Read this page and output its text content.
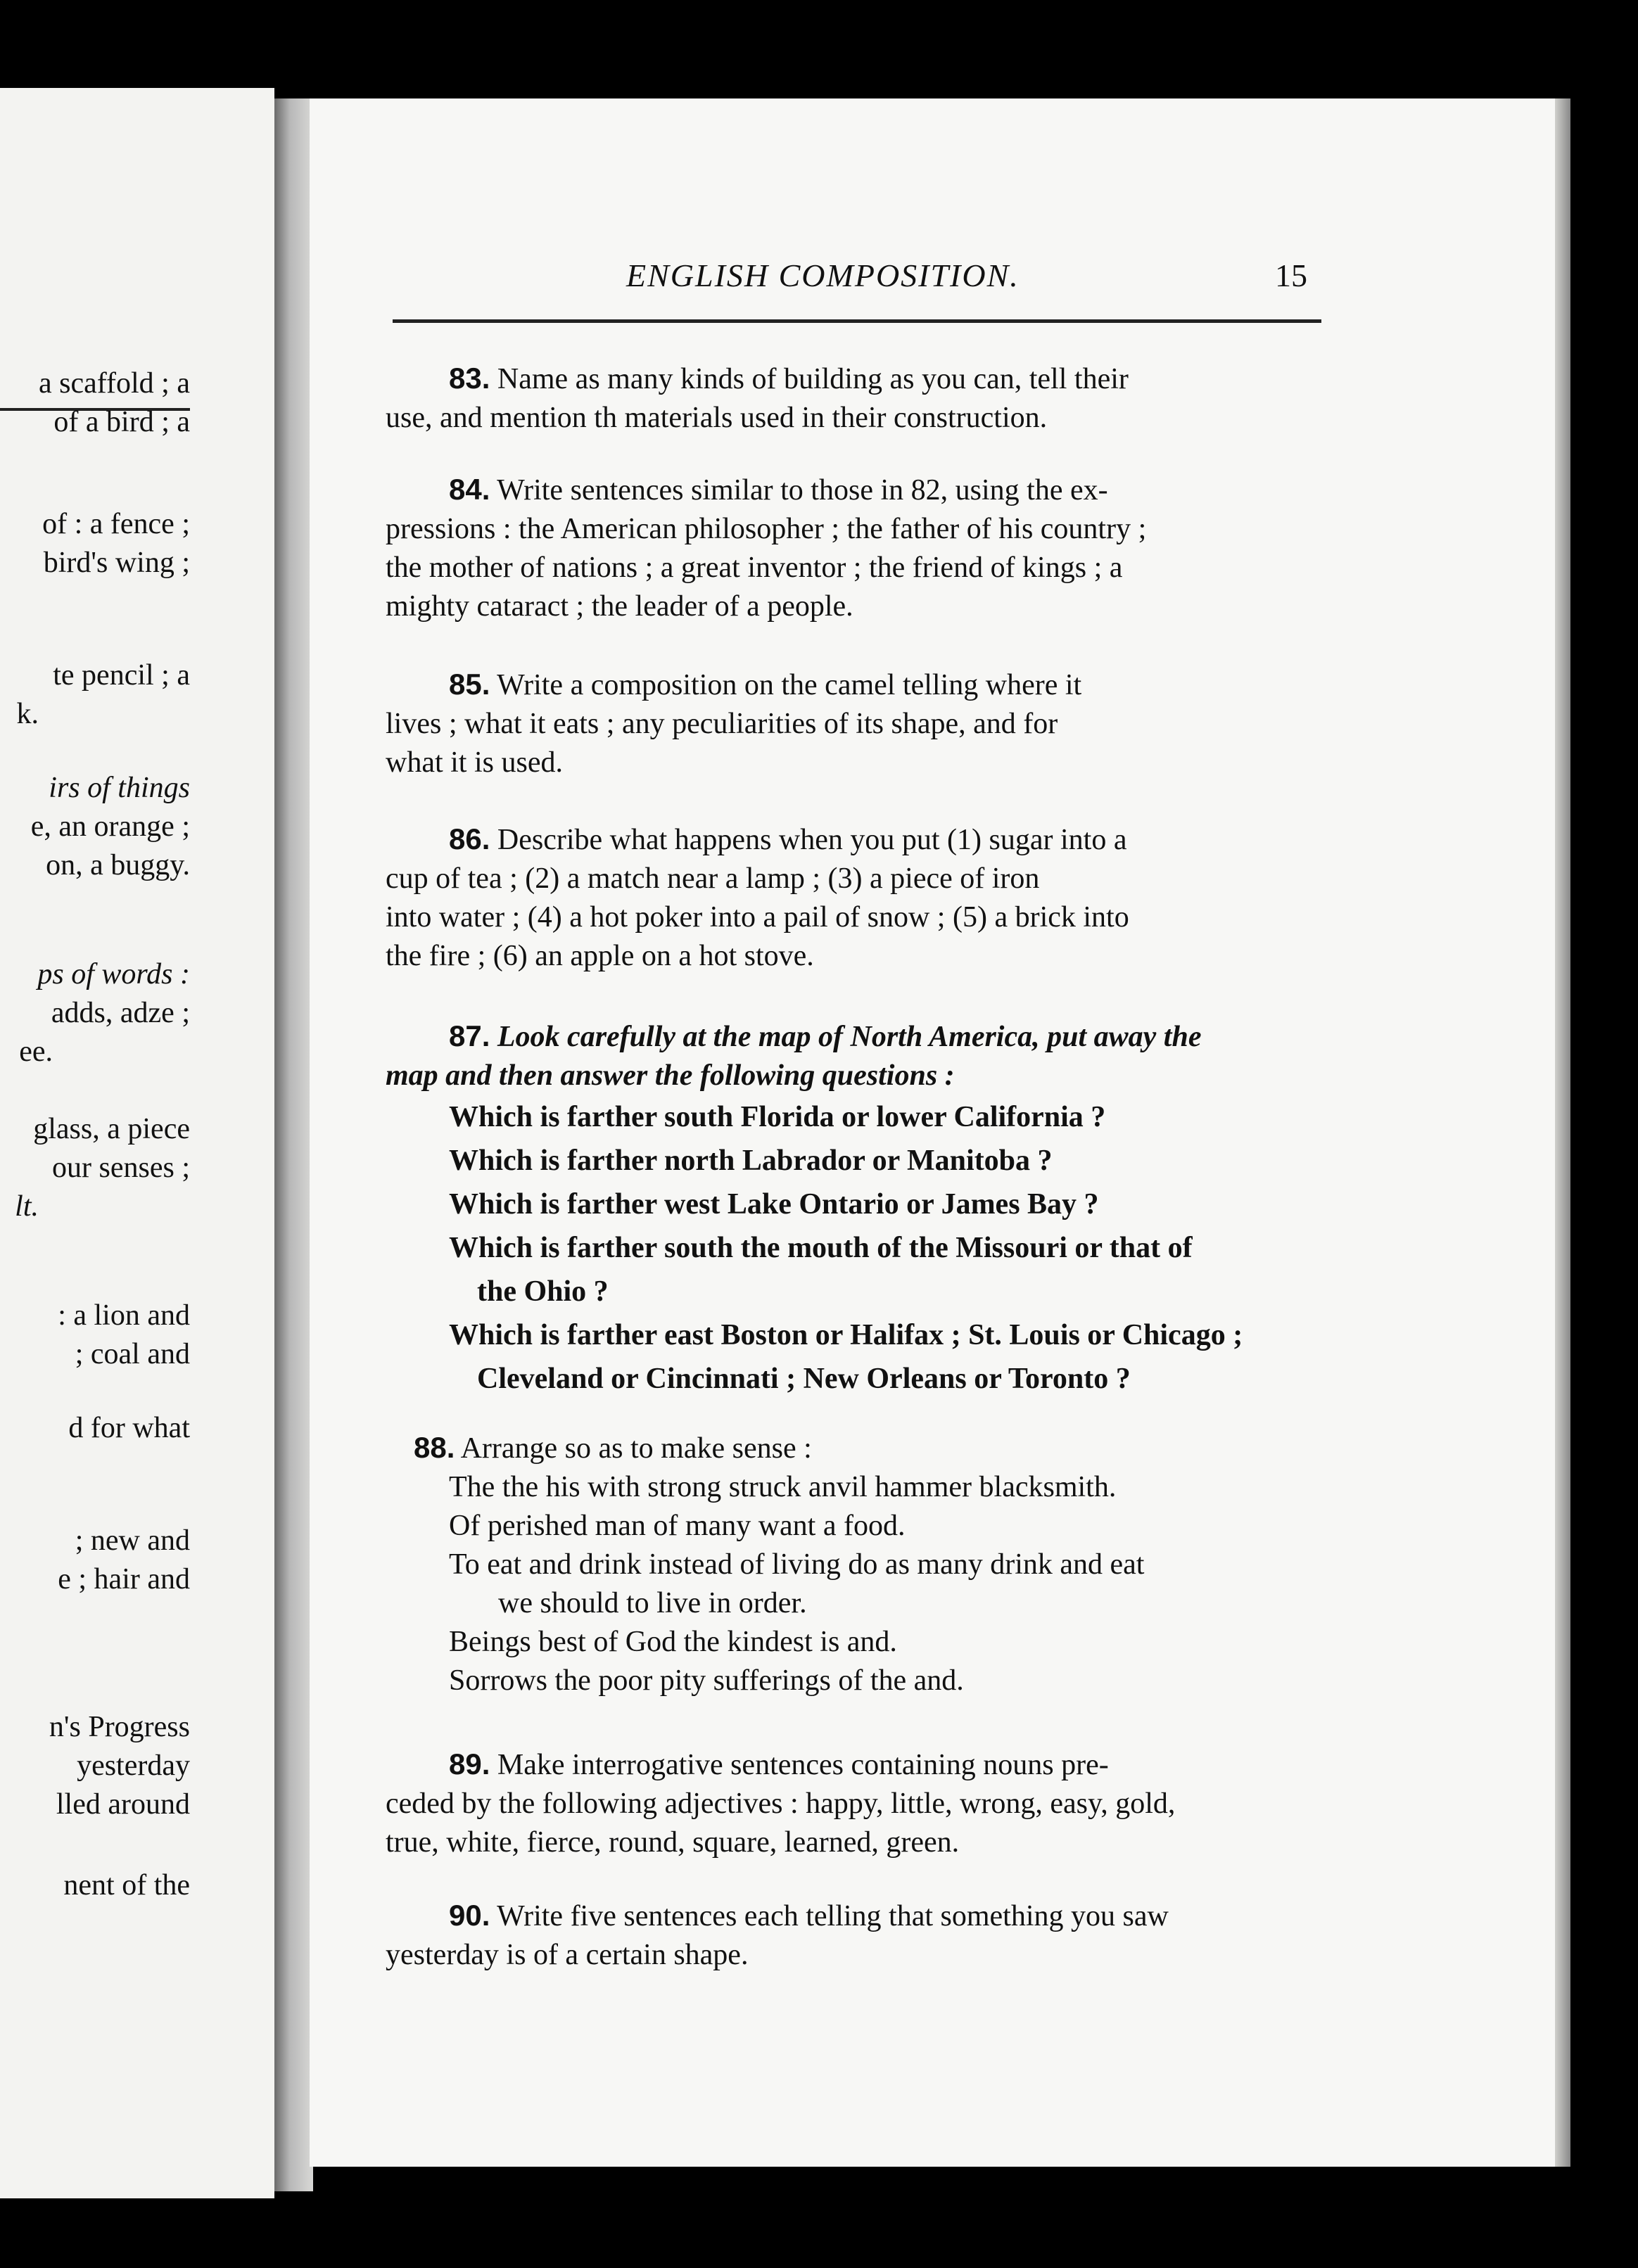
a scaffold ; a
of a bird ; a
of : a fence ;
bird's wing ;
te pencil ; a
k.
irs of things
e, an orange ;
on, a buggy.
ps of words :
adds, adze ;
ee.
glass, a piece
our senses ;
lt.
: a lion and
; coal and
d for what
; new and
e ; hair and
n's Progress
yesterday
lled around
nent of the
ENGLISH COMPOSITION.	15
83. Name as many kinds of building as you can, tell their
use, and mention th materials used in their construction.
84. Write sentences similar to those in 82, using the ex-
pressions : the American philosopher ; the father of his country ;
the mother of nations ; a great inventor ; the friend of kings ; a
mighty cataract ; the leader of a people.
85. Write a composition on the camel telling where it
lives ; what it eats ; any peculiarities of its shape, and for
what it is used.
86. Describe what happens when you put (1) sugar into a
cup of tea ; (2) a match near a lamp ; (3) a piece of iron
into water ; (4) a hot poker into a pail of snow ; (5) a brick into
the fire ; (6) an apple on a hot stove.
87. Look carefully at the map of North America, put away the
map and then answer the following questions :
Which is farther south Florida or lower California ?
Which is farther north Labrador or Manitoba ?
Which is farther west Lake Ontario or James Bay ?
Which is farther south the mouth of the Missouri or that of
the Ohio ?
Which is farther east Boston or Halifax ; St. Louis or Chicago ;
Cleveland or Cincinnati ; New Orleans or Toronto ?
88. Arrange so as to make sense :
The the his with strong struck anvil hammer blacksmith.
Of perished man of many want a food.
To eat and drink instead of living do as many drink and eat
we should to live in order.
Beings best of God the kindest is and.
Sorrows the poor pity sufferings of the and.
89. Make interrogative sentences containing nouns pre-
ceded by the following adjectives : happy, little, wrong, easy, gold,
true, white, fierce, round, square, learned, green.
90. Write five sentences each telling that something you saw
yesterday is of a certain shape.
